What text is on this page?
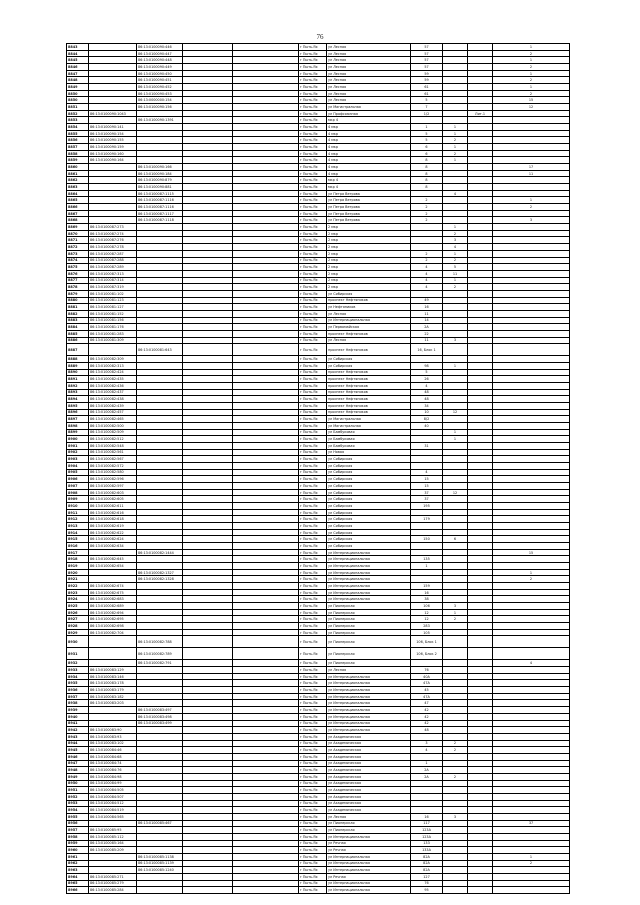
76
8843		86:13:0100090:446			г Пыть-Ях	ул Лесная	57			1
8844		86:13:0100090:447			г Пыть-Ях	ул Лесная	57			2
8845		86:13:0100090:448			г Пыть-Ях	ул Лесная	57			1
8846		86:13:0100090:449			г Пыть-Ях	ул Лесная	57			2
8847		86:13:0100090:450			г Пыть-Ях	ул Лесная	59			1
8848		86:13:0100090:451			г Пыть-Ях	ул Лесная	59			2
8849		86:13:0100090:452			г Пыть-Ях	ул Лесная	61			1
8850		86:13:0100090:453			г Пыть-Ях	ул Лесная	61			2
8850		86:13:0000000:154			г Пыть-Ях	ул Лесная	5			15
8851		86:13:0100090:156			г Пыть-Ях	ул Магистральная	7			12
8852	86:13:0100090:1043				г Пыть-Ях	ул Профсоюзная	1/2		Лит.1	
8853		86:13:0100090:1391			г Пыть-Ях	мкр 4				
8854	86:13:0100090:141				г Пыть-Ях	4 мкр	1	1		
8855	86:13:0100090:154				г Пыть-Ях	4 мкр	5	1		
8856	86:13:0100090:155				г Пыть-Ях	4 мкр	5	2		
8857	86:13:0100090:159				г Пыть-Ях	4 мкр	6	1		
8858	86:13:0100090:160				г Пыть-Ях	4 мкр	6	2		
8859	86:13:0100090:164				г Пыть-Ях	4 мкр	8	1		
8860		86:13:0100090:166			г Пыть-Ях	4 мкр	8			17
8861		86:13:0100090:184			г Пыть-Ях	4 мкр	8			11
8862		86:13:0100090:879			г Пыть-Ях	мкр 4	8			
8863		86:13:0100090:881			г Пыть-Ях	мкр 4	8			
8864		86:13:0100087:1115			г Пыть-Ях	ул Петра Ветрова		4		
8865		86:13:0100087:1116			г Пыть-Ях	ул Петра Ветрова	2			1
8866		86:13:0100087:1116			г Пыть-Ях	ул Петра Ветрова	2			2
8867		86:13:0100087:1117			г Пыть-Ях	ул Петра Ветрова	2			
8868		86:13:0100087:1118			г Пыть-Ях	ул Петра Ветрова	2			3
8869	86:13:0100087:273				г Пыть-Ях	2 мкр		1		
8870	86:13:0100087:274				г Пыть-Ях	2 мкр		2		
8871	86:13:0100087:276				г Пыть-Ях	2 мкр		3		
8872	86:13:0100087:278				г Пыть-Ях	2 мкр		4		
8873	86:13:0100087:287				г Пыть-Ях	2 мкр	2	1		
8874	86:13:0100087:288				г Пыть-Ях	2 мкр	2	2		
8875	86:13:0100087:289				г Пыть-Ях	2 мкр	4	5		
8876	86:13:0100087:313				г Пыть-Ях	2 мкр	4	11		
8877	86:13:0100087:314				г Пыть-Ях	2 мкр	4	1		
8878	86:13:0100087:319				г Пыть-Ях	2 мкр	4	2		
8879	86:13:0100081:102				г Пыть-Ях	ул Сибирская				
8880	86:13:0100081:123				г Пыть-Ях	проспект Нефтяников	49			
8881	86:13:0100081:127				г Пыть-Ях	ул Нефтяников	16			
8882	86:13:0100081:152				г Пыть-Ях	ул Лесная	11			
8883	86:13:0100081:156				г Пыть-Ях	ул Интернациональная	14			
8884	86:13:0100081:176				г Пыть-Ях	ул Первомайская	2А			
8885	86:13:0100081:283				г Пыть-Ях	проспект Нефтяников	22			
8886	86:13:0100081:309				г Пыть-Ях	ул Лесная	11	3		
8887		86:13:0100081:643			г Пыть-Ях	проспект Нефтяников	16, Блок 1			
8888	86:13:0100082:309				г Пыть-Ях	ул Сибирская				
8889	86:13:0100082:313				г Пыть-Ях	ул Сибирская	98	1		
8890	86:13:0100082:424				г Пыть-Ях	проспект Нефтяников	5			
8891	86:13:0100082:435				г Пыть-Ях	проспект Нефтяников	26			
8892	86:13:0100082:436				г Пыть-Ях	проспект Нефтяников	4			
8893	86:13:0100082:437				г Пыть-Ях	проспект Нефтяников	48			
8894	86:13:0100082:438				г Пыть-Ях	проспект Нефтяников	48			
8895	86:13:0100082:439				г Пыть-Ях	проспект Нефтяников	34			
8896	86:13:0100082:457				г Пыть-Ях	проспект Нефтяников	10	12		
8897	86:13:0100082:465				г Пыть-Ях	ул Магистральная	8/2			
8898	86:13:0100082:500				г Пыть-Ях	ул Магистральная	40			
8899	86:13:0100082:509				г Пыть-Ях	ул Бамбуковая		1		
8900	86:13:0100082:512				г Пыть-Ях	ул Бамбуковая		1		
8901	86:13:0100082:548				г Пыть-Ях	ул Бамбуковая	31			
8902	86:13:0100082:561				г Пыть-Ях	ул Новая				
8903	86:13:0100082:567				г Пыть-Ях	ул Сибирская				
8904	86:13:0100082:572				г Пыть-Ях	ул Сибирская				
8905	86:13:0100082:580				г Пыть-Ях	ул Сибирская	4			
8906	86:13:0100082:596				г Пыть-Ях	ул Сибирская	15			
8907	86:13:0100082:597				г Пыть-Ях	ул Сибирская	15			
8908	86:13:0100082:603				г Пыть-Ях	ул Сибирская	37	12		
8909	86:13:0100082:605				г Пыть-Ях	ул Сибирская	37			
8910	86:13:0100082:611				г Пыть-Ях	ул Сибирская	195			
8911	86:13:0100082:616				г Пыть-Ях	ул Сибирская				
8912	86:13:0100082:618				г Пыть-Ях	ул Сибирская	179			
8913	86:13:0100082:619				г Пыть-Ях	ул Сибирская				
8914	86:13:0100082:622				г Пыть-Ях	ул Сибирская				
8915	86:13:0100082:624				г Пыть-Ях	ул Сибирская	150	6		
8916	86:13:0100082:634				г Пыть-Ях	ул Сибирская				
8917		86:13:0100082:1444			г Пыть-Ях	ул Интернациональная				15
8918	86:13:0100082:645				г Пыть-Ях	ул Интернациональная	135			
8919	86:13:0100082:654				г Пыть-Ях	ул Интернациональная	1			
8920		86:13:0100082:1327			г Пыть-Ях	ул Интернациональная				1
8921		86:13:0100082:1328			г Пыть-Ях	ул Интернациональная				2
8922	86:13:0100082:674				г Пыть-Ях	ул Интернациональная	159			
8923	86:13:0100082:675				г Пыть-Ях	ул Интернациональная	16			
8924	86:13:0100082:683				г Пыть-Ях	ул Интернациональная	38			
8925	86:13:0100082:689				г Пыть-Ях	ул Пионерская	106	3		
8926	86:13:0100082:694				г Пыть-Ях	ул Пионерская	12	1		
8927	86:13:0100082:695				г Пыть-Ях	ул Пионерская	12	2		
8928	86:13:0100082:698				г Пыть-Ях	ул Пионерская	283			
8929	86:13:0100082:704				г Пыть-Ях	ул Пионерская	105			
8930		86:13:0100082:788			г Пыть-Ях	ул Пионерская	106, Блок 1			
8931		86:13:0100082:789			г Пыть-Ях	ул Пионерская	106, Блок 2			
8932		86:13:0100082:791			г Пыть-Ях	ул Пионерская				4
8933	86:13:0100083:129				г Пыть-Ях	ул Лесная	76			
8934	86:13:0100083:146				г Пыть-Ях	ул Интернациональная	40А			
8935	86:13:0100083:178				г Пыть-Ях	ул Интернациональная	47А			
8936	86:13:0100083:179				г Пыть-Ях	ул Интернациональная	45			
8937	86:13:0100083:182				г Пыть-Ях	ул Интернациональная	47А			
8938	86:13:0100083:203				г Пыть-Ях	ул Интернациональная	47			
8939		86:13:0100083:497			г Пыть-Ях	ул Интернациональная	42			
8940		86:13:0100083:498			г Пыть-Ях	ул Интернациональная	42			
8941		86:13:0100083:499			г Пыть-Ях	ул Интернациональная	42			
8942	86:13:0100083:90				г Пыть-Ях	ул Интернациональная	48			
8943	86:13:0100083:93				г Пыть-Ях	ул Академическая				
8944	86:13:0100083:102				г Пыть-Ях	ул Академическая	3	2		
8945	86:13:0100084:46				г Пыть-Ях	ул Академическая	4	2		
8946	86:13:0100084:68				г Пыть-Ях	ул Академическая				
8947	86:13:0100084:74				г Пыть-Ях	ул Академическая	1			
8948	86:13:0100084:76				г Пыть-Ях	ул Академическая	2А			
8949	86:13:0100084:98				г Пыть-Ях	ул Академическая	2А	2		
8950	86:13:0100084:99				г Пыть-Ях	ул Академическая				
8951	86:13:0100084:505				г Пыть-Ях	ул Академическая				
8952	86:13:0100084:507				г Пыть-Ях	ул Академическая				
8953	86:13:0100084:512				г Пыть-Ях	ул Академическая				
8954	86:13:0100084:519				г Пыть-Ях	ул Академическая				
8955	86:13:0100084:565				г Пыть-Ях	ул Лесная	16	3		
8956		86:13:0100085:467			г Пыть-Ях	ул Пионерская	117			37
8957	86:13:0100085:95				г Пыть-Ях	ул Пионерская	123А			
8958	86:13:0100085:112				г Пыть-Ях	ул Интернациональная	123А			
8959	86:13:0100085:164				г Пыть-Ях	ул Речная	133			
8960	86:13:0100085:209				г Пыть-Ях	ул Речная	133А			
8961		86:13:0100085:1138			г Пыть-Ях	ул Интернациональная	82А			1
8962		86:13:0100085:1139			г Пыть-Ях	ул Интернациональная	82А			2
8963		86:13:0100085:1240			г Пыть-Ях	ул Интернациональная	82А			
8964	86:13:0100085:271				г Пыть-Ях	ул Речная	127			
8965	86:13:0100085:279				г Пыть-Ях	ул Интернациональная	76			
8966	86:13:0100085:284				г Пыть-Ях	ул Интернациональная	95			
